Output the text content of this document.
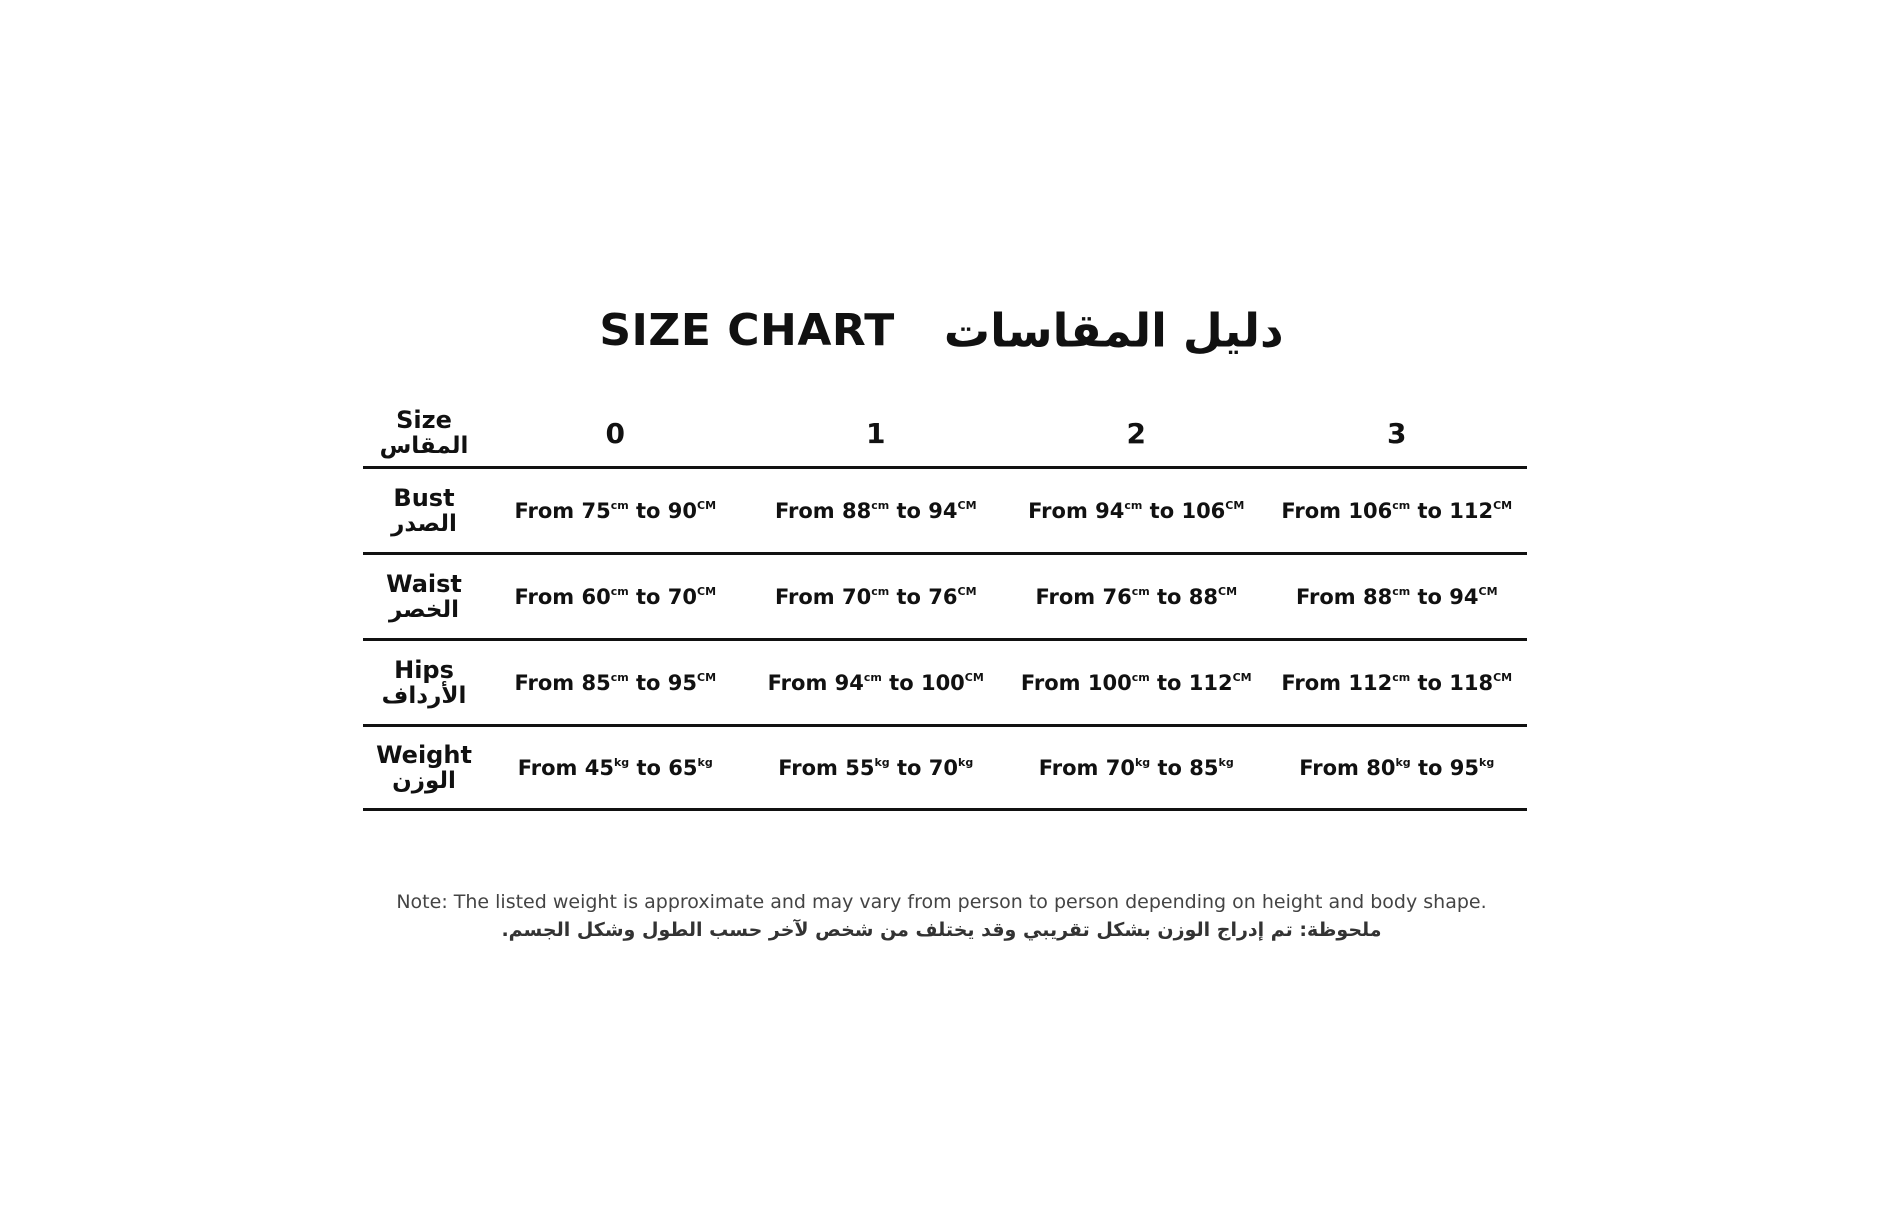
SIZE CHART دليل المقاسات
Size
المقاس	0	1	2	3
Bust
الصدر	From $75^{cm}$ to $90^{CM}$	From $88^{cm}$ to $94^{CM}$	From $94^{cm}$ to $106^{CM}$	From $106^{cm}$ to $112^{CM}$
Waist
الخصر	From $60^{cm}$ to $70^{CM}$	From $70^{cm}$ to $76^{CM}$	From $76^{cm}$ to $88^{CM}$	From $88^{cm}$ to $94^{CM}$
Hips
الأرداف	From $85^{cm}$ to $95^{CM}$	From $94^{cm}$ to $100^{CM}$	From $100^{cm}$ to $112^{CM}$	From $112^{cm}$ to $118^{CM}$
Weight
الوزن	From $45^{kg}$ to $65^{kg}$	From $55^{kg}$ to $70^{kg}$	From $70^{kg}$ to $85^{kg}$	From $80^{kg}$ to $95^{kg}$
Note: The listed weight is approximate and may vary from person to person depending on height and body shape.
ملحوظة: تم إدراج الوزن بشكل تقريبي وقد يختلف من شخص لآخر حسب الطول وشكل الجسم.
